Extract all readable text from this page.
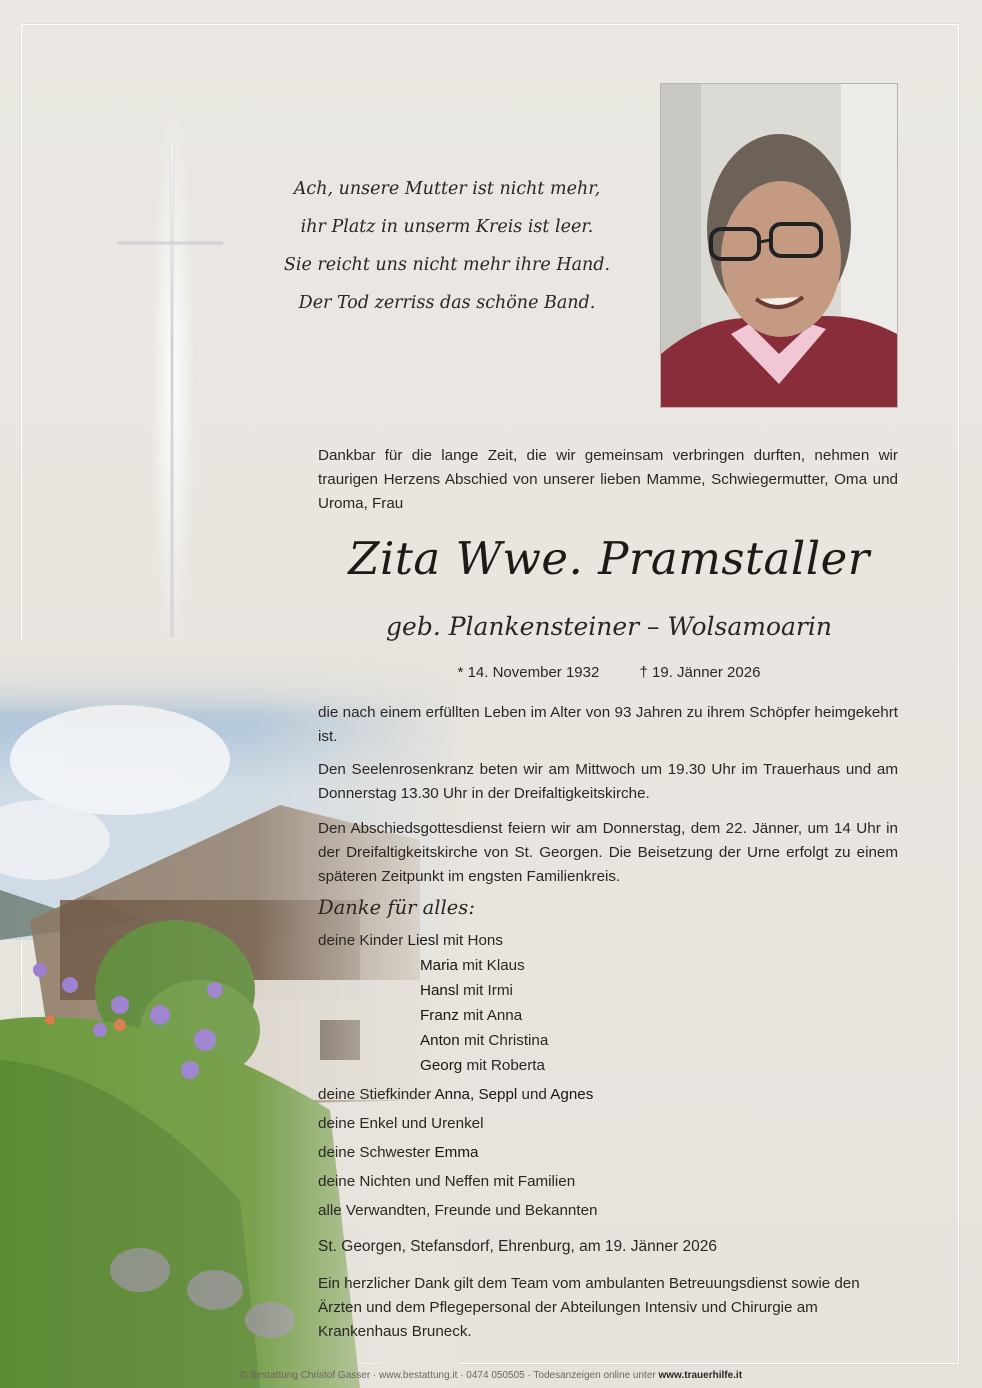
Ach, unsere Mutter ist nicht mehr,
ihr Platz in unserm Kreis ist leer.
Sie reicht uns nicht mehr ihre Hand.
Der Tod zerriss das schöne Band.
Dankbar für die lange Zeit, die wir gemeinsam verbringen durften, nehmen wir traurigen Herzens Abschied von unserer lieben Mamme, Schwiegermutter, Oma und Uroma, Frau
Zita Wwe. Pramstaller
geb. Plankensteiner – Wolsamoarin
* 14. November 1932	† 19. Jänner 2026
die nach einem erfüllten Leben im Alter von 93 Jahren zu ihrem Schöpfer heimgekehrt ist.
Den Seelenrosenkranz beten wir am Mittwoch um 19.30 Uhr im Trauerhaus und am Donnerstag 13.30 Uhr in der Dreifaltigkeitskirche.
Den Abschiedsgottesdienst feiern wir am Donnerstag, dem 22. Jänner, um 14 Uhr in der Dreifaltigkeitskirche von St. Georgen. Die Beisetzung der Urne erfolgt zu einem späteren Zeitpunkt im engsten Familienkreis.
Danke für alles:
deine Kinder Liesl mit Hons
Maria mit Klaus
Hansl mit Irmi
Franz mit Anna
Anton mit Christina
Georg mit Roberta
deine Stiefkinder Anna, Seppl und Agnes
deine Enkel und Urenkel
deine Schwester Emma
deine Nichten und Neffen mit Familien
alle Verwandten, Freunde und Bekannten
St. Georgen, Stefansdorf, Ehrenburg, am 19. Jänner 2026
Ein herzlicher Dank gilt dem Team vom ambulanten Betreuungsdienst sowie den Ärzten und dem Pflegepersonal der Abteilungen Intensiv und Chirurgie am Krankenhaus Bruneck.
© Bestattung Christof Gasser · www.bestattung.it · 0474 050505 · Todesanzeigen online unter www.trauerhilfe.it
